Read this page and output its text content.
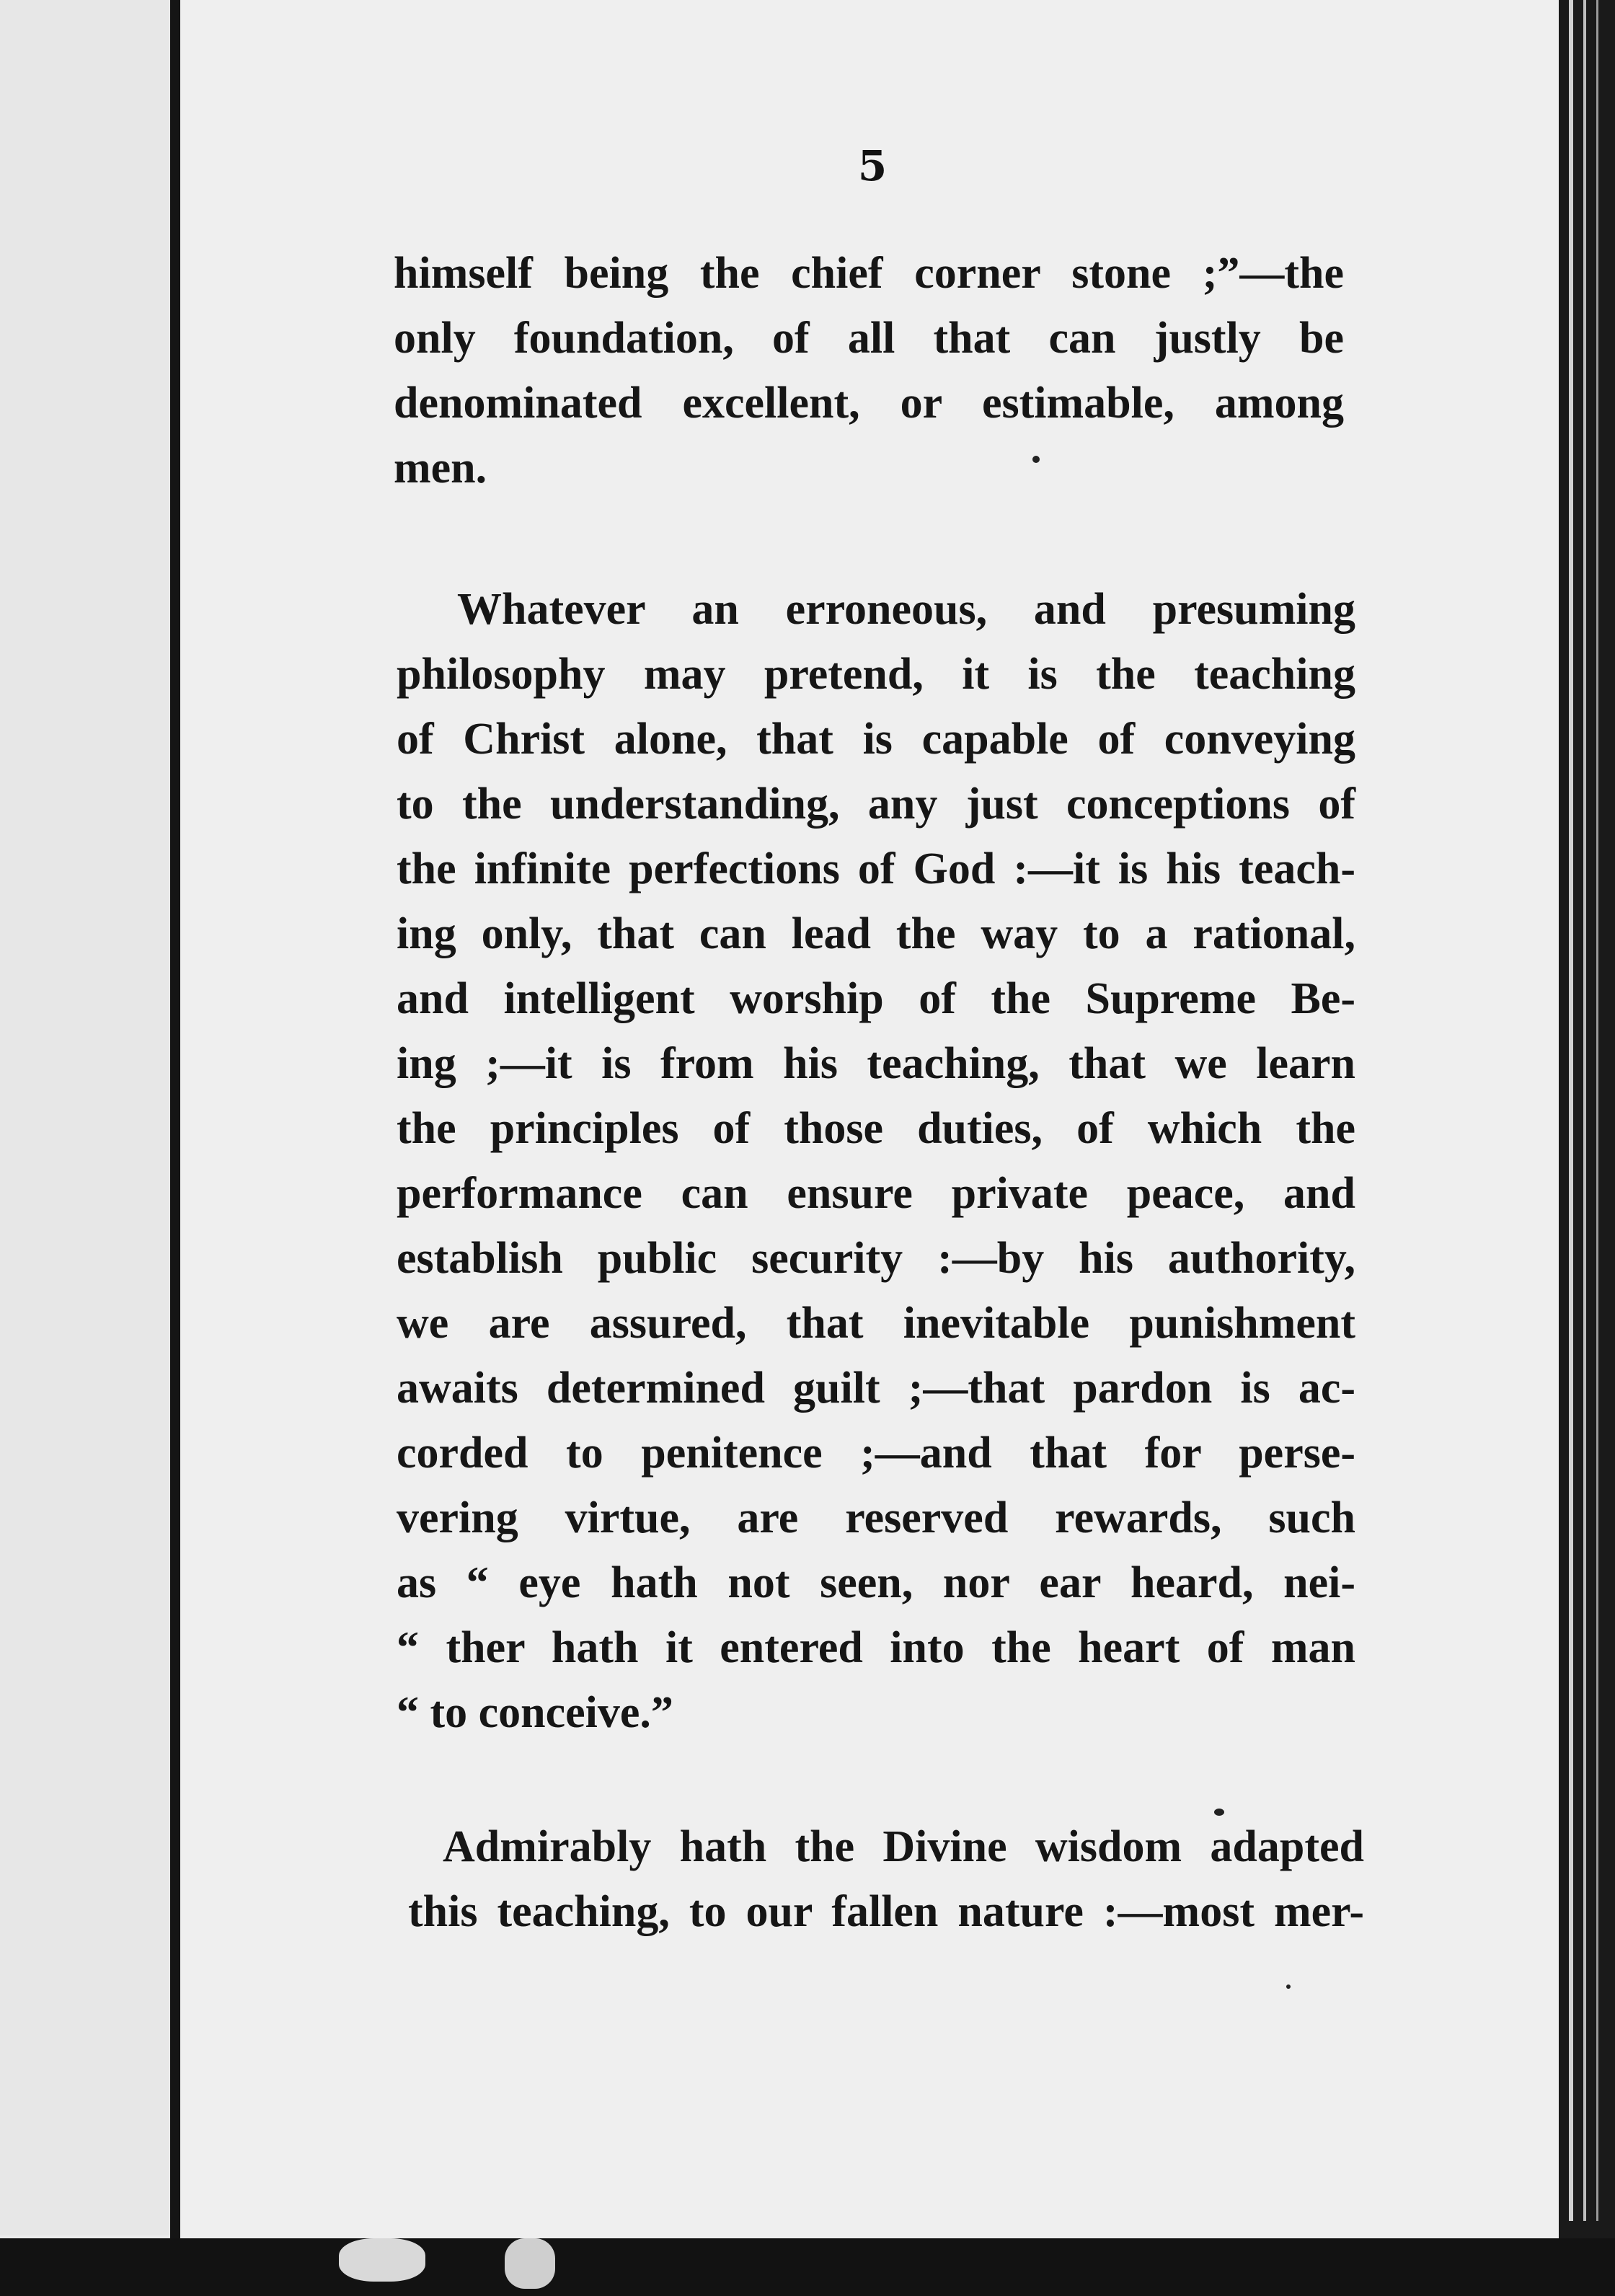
5
himself being the chief corner stone ;”—the
only foundation, of all that can justly be
denominated excellent, or estimable, among
men.
Whatever an erroneous, and presuming
philosophy may pretend, it is the teaching
of Christ alone, that is capable of conveying
to the understanding, any just conceptions of
the infinite perfections of God :—it is his teach-
ing only, that can lead the way to a rational,
and intelligent worship of the Supreme Be-
ing ;—it is from his teaching, that we learn
the principles of those duties, of which the
performance can ensure private peace, and
establish public security :—by his authority,
we are assured, that inevitable punishment
awaits determined guilt ;—that pardon is ac-
corded to penitence ;—and that for perse-
vering virtue, are reserved rewards, such
as “ eye hath not seen, nor ear heard, nei-
“ ther hath it entered into the heart of man
“ to conceive.”
Admirably hath the Divine wisdom adapted
this teaching, to our fallen nature :—most mer-
